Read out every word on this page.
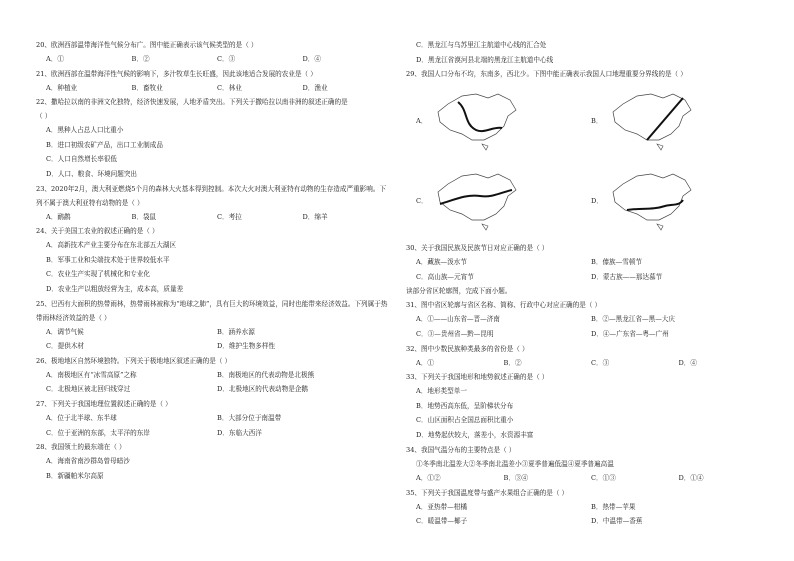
20、欧洲西部温带海洋性气候分布广。图中能正确表示该气候类型的是（ ）
A．①	B．②	C．③	D．④
21、欧洲西部在温带海洋性气候的影响下，多汁牧草生长旺盛，因此该地适合发展的农业是（ ）
A．种植业	B．畜牧业	C．林业	D．渔业
22、撒哈拉以南的非洲文化独特，经济快速发展，人地矛盾突出。下列关于撒哈拉以南非洲的叙述正确的是
（ ）
A．黑种人占总人口比重小
B．进口初级农矿产品，出口工业制成品
C．人口自然增长率很低
D．人口、粮食、环境问题突出
23、2020年2月，澳大利亚燃烧5个月的森林大火基本得到控制。本次大火对澳大利亚特有动物的生存造成严重影响。下列不属于澳大利亚特有动物的是（ ）
A．鸸鹋	B．袋鼠	C．考拉	D．绵羊
24、关于美国工农业的叙述正确的是（ ）
A．高新技术产业主要分布在东北部五大湖区
B．军事工业和尖端技术处于世界较低水平
C．农业生产实现了机械化和专业化
D．农业生产以粗放经营为主，成本高，质量差
25、巴西有大面积的热带雨林，热带雨林被称为“地球之肺”，具有巨大的环境效益，同时也能带来经济效益。下列属于热带雨林经济效益的是（ ）
A．调节气候	B．涵养水源
C．提供木材	D．维护生物多样性
26、极地地区自然环境独特。下列关于极地地区叙述正确的是（ ）
A．南极地区有“冰雪高原”之称	B．南极地区的代表动物是北极熊
C．北极地区被北回归线穿过	D．北极地区的代表动物是企鹅
27、下列关于我国地理位置叙述正确的是（ ）
A．位于北半球、东半球	B．大部分位于南温带
C．位于亚洲的东部，太平洋的东岸	D．东临大西洋
28、我国领土的最东端在（ ）
A．海南省南沙群岛曾母暗沙
B．新疆帕米尔高原
C．黑龙江与乌苏里江主航道中心线的汇合处
D．黑龙江省漠河县北端的黑龙江主航道中心线
29、我国人口分布不均，东南多，西北少。下图中能正确表示我国人口地理重要分界线的是（ ）
A．	B．
C．	D．
30、关于我国民族及民族节日对应正确的是（ ）
A．藏族—泼水节	B．傣族—雪顿节
C．高山族—元宵节	D．蒙古族——那达慕节
读部分省区轮廓图，完成下面小题。
31、图中省区轮廓与省区名称、简称、行政中心对应正确的是（ ）
A．①——山东省—晋—济南	B．②—黑龙江省—黑—大庆
C．③—贵州省—黔—昆明	D．④—广东省—粤—广州
32、图中少数民族种类最多的省份是（ ）
A．①	B．②	C．③	D．④
33、下列关于我国地形和地势叙述正确的是（ ）
A．地形类型单一
B．地势西高东低，呈阶梯状分布
C．山区面积占全国总面积比重小
D．地势起伏较大，落差小，水资源丰富
34、我国气温分布的主要特点是（ ）
①冬季南北温差大②冬季南北温差小③夏季普遍低温④夏季普遍高温
A．①②	B．③④	C．①③	D．①④
35、下列关于我国温度带与盛产水果组合正确的是（ ）
A．亚热带—柑橘	B．热带—苹果
C．暖温带—椰子	D．中温带—香蕉
